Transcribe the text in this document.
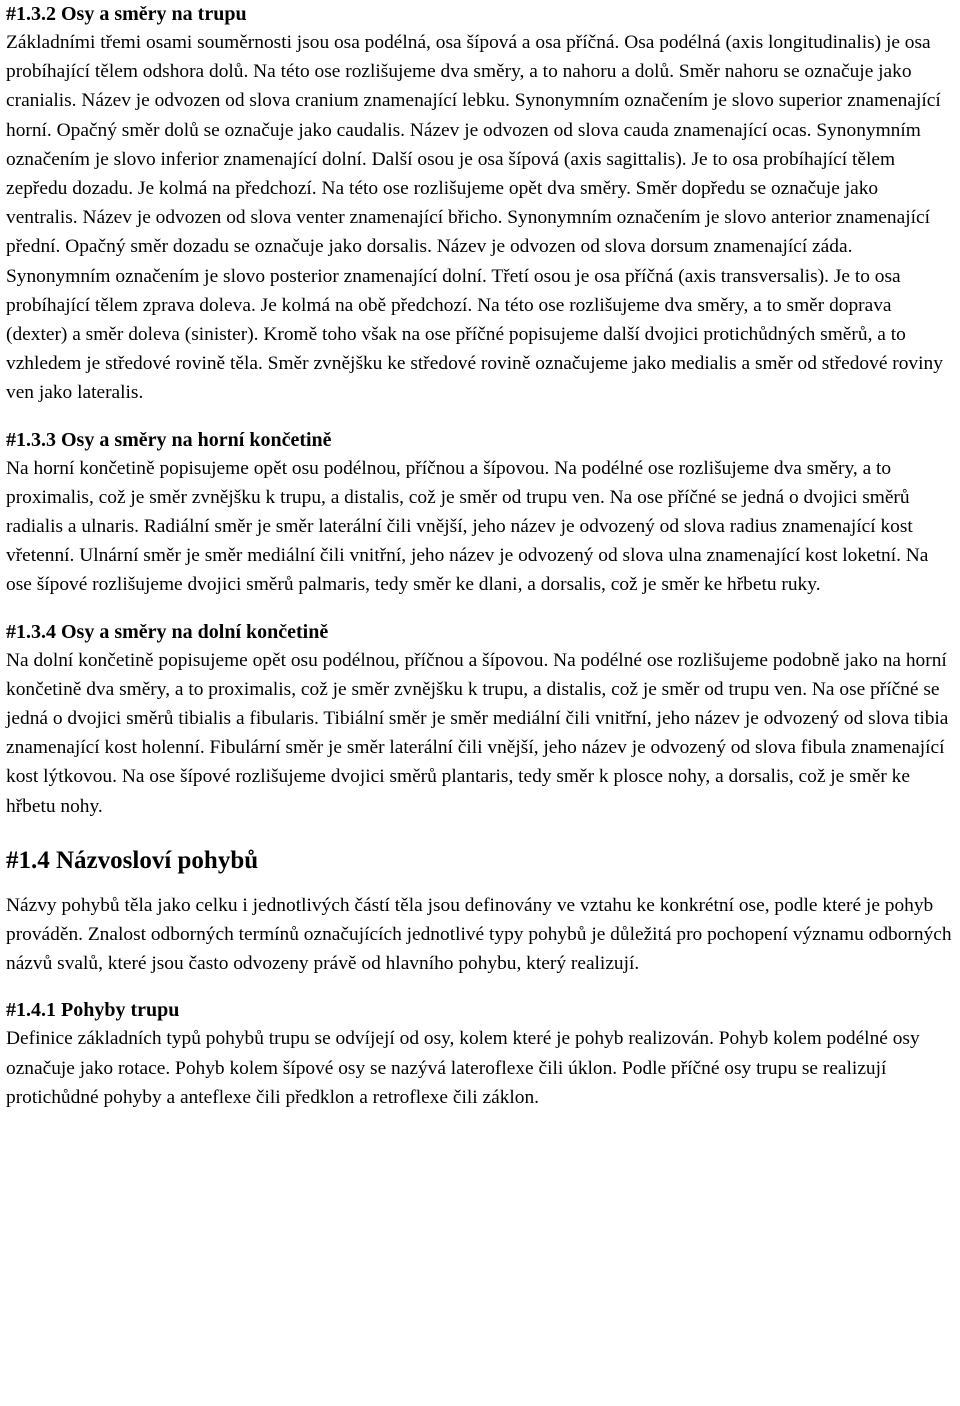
#1.3.2 Osy a směry na trupu

Základními třemi osami souměrnosti jsou osa podélná, osa šípová a osa příčná. Osa podélná (axis longitudinalis) je osa probíhající tělem odshora dolů. Na této ose rozlišujeme dva směry, a to nahoru a dolů. Směr nahoru se označuje jako cranialis. Název je odvozen od slova cranium znamenající lebku. Synonymním označením je slovo superior znamenající horní. Opačný směr dolů se označuje jako caudalis. Název je odvozen od slova cauda znamenající ocas. Synonymním označením je slovo inferior znamenající dolní. Další osou je osa šípová (axis sagittalis). Je to osa probíhající tělem zepředu dozadu. Je kolmá na předchozí. Na této ose rozlišujeme opět dva směry. Směr dopředu se označuje jako ventralis. Název je odvozen od slova venter znamenající břicho. Synonymním označením je slovo anterior znamenající přední. Opačný směr dozadu se označuje jako dorsalis. Název je odvozen od slova dorsum znamenající záda. Synonymním označením je slovo posterior znamenající dolní. Třetí osou je osa příčná (axis transversalis). Je to osa probíhající tělem zprava doleva. Je kolmá na obě předchozí. Na této ose rozlišujeme dva směry, a to směr doprava (dexter) a směr doleva (sinister). Kromě toho však na ose příčné popisujeme další dvojici protichůdných směrů, a to vzhledem je středové rovině těla. Směr zvnějšku ke středové rovině označujeme jako medialis a směr od středové roviny ven jako lateralis.

#1.3.3 Osy a směry na horní končetině

Na horní končetině popisujeme opět osu podélnou, příčnou a šípovou. Na podélné ose rozlišujeme dva směry, a to proximalis, což je směr zvnějšku k trupu, a distalis, což je směr od trupu ven. Na ose příčné se jedná o dvojici směrů radialis a ulnaris. Radiální směr je směr laterální čili vnější, jeho název je odvozený od slova radius znamenající kost vřetenní. Ulnární směr je směr mediální čili vnitřní, jeho název je odvozený od slova ulna znamenající kost loketní. Na ose šípové rozlišujeme dvojici směrů palmaris, tedy směr ke dlani, a dorsalis, což je směr ke hřbetu ruky.

#1.3.4 Osy a směry na dolní končetině

Na dolní končetině popisujeme opět osu podélnou, příčnou a šípovou. Na podélné ose rozlišujeme podobně jako na horní končetině dva směry, a to proximalis, což je směr zvnějšku k trupu, a distalis, což je směr od trupu ven. Na ose příčné se jedná o dvojici směrů tibialis a fibularis. Tibiální směr je směr mediální čili vnitřní, jeho název je odvozený od slova tibia znamenající kost holenní. Fibulární směr je směr laterální čili vnější, jeho název je odvozený od slova fibula znamenající kost lýtkovou. Na ose šípové rozlišujeme dvojici směrů plantaris, tedy směr k plosce nohy, a dorsalis, což je směr ke hřbetu nohy.

#1.4 Názvosloví pohybů

Názvy pohybů těla jako celku i jednotlivých částí těla jsou definovány ve vztahu ke konkrétní ose, podle které je pohyb prováděn. Znalost odborných termínů označujících jednotlivé typy pohybů je důležitá pro pochopení významu odborných názvů svalů, které jsou často odvozeny právě od hlavního pohybu, který realizují.

#1.4.1 Pohyby trupu

Definice základních typů pohybů trupu se odvíjejí od osy, kolem které je pohyb realizován. Pohyb kolem podélné osy označuje jako rotace. Pohyb kolem šípové osy se nazývá lateroflexe čili úklon. Podle příčné osy trupu se realizují protichůdné pohyby a anteflexe čili předklon a retroflexe čili záklon.
